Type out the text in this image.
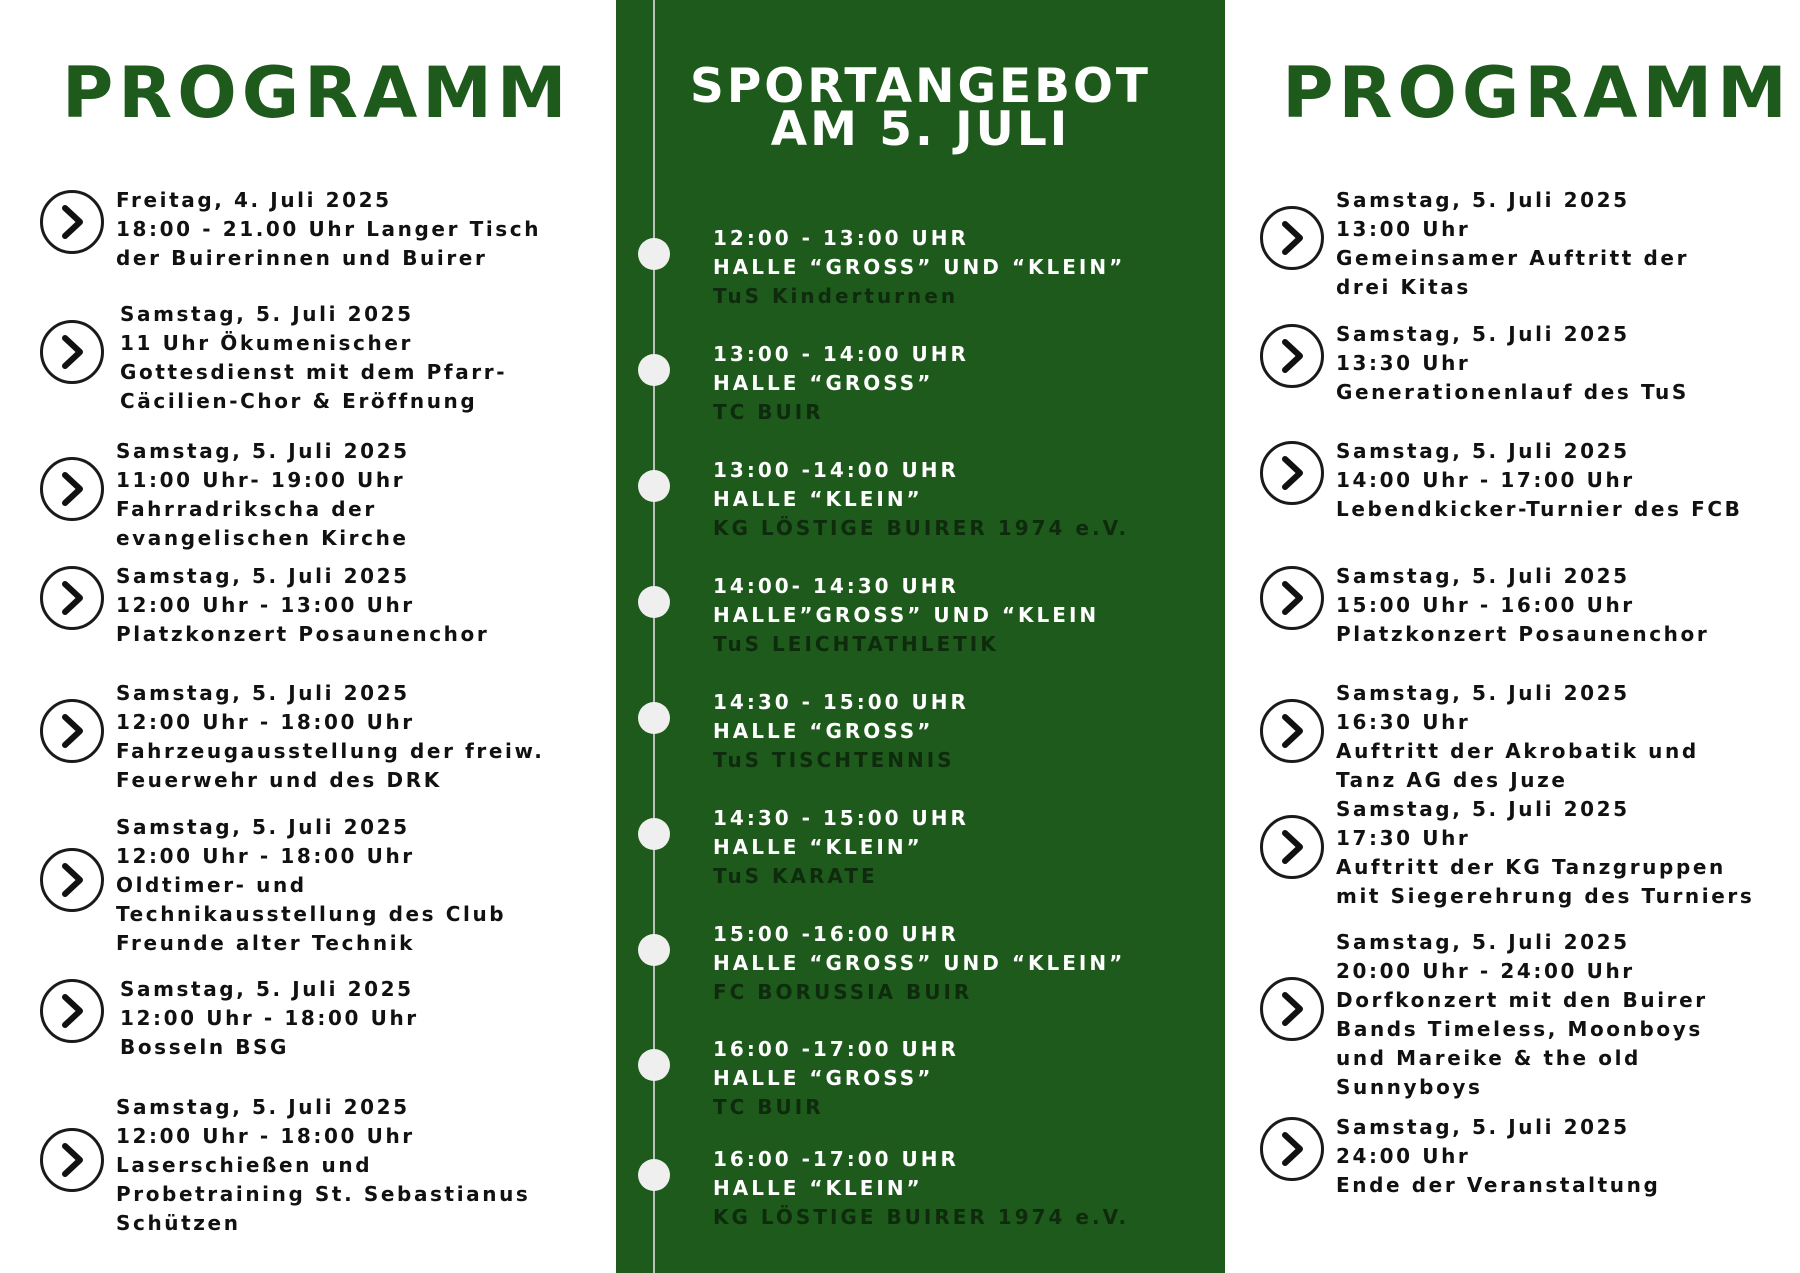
PROGRAMM
Freitag, 4. Juli 2025
18:00 - 21.00 Uhr Langer Tisch
der Buirerinnen und Buirer
Samstag, 5. Juli 2025
11 Uhr Ökumenischer
Gottesdienst mit dem Pfarr-
Cäcilien-Chor & Eröffnung
Samstag, 5. Juli 2025
11:00 Uhr- 19:00 Uhr
Fahrradrikscha der
evangelischen Kirche
Samstag, 5. Juli 2025
12:00 Uhr - 13:00 Uhr
Platzkonzert Posaunenchor
Samstag, 5. Juli 2025
12:00 Uhr - 18:00 Uhr
Fahrzeugausstellung der freiw.
Feuerwehr und des DRK
Samstag, 5. Juli 2025
12:00 Uhr - 18:00 Uhr
Oldtimer- und
Technikausstellung des Club
Freunde alter Technik
Samstag, 5. Juli 2025
12:00 Uhr - 18:00 Uhr
Bosseln BSG
Samstag, 5. Juli 2025
12:00 Uhr - 18:00 Uhr
Laserschießen und
Probetraining St. Sebastianus
Schützen
SPORTANGEBOT
AM 5. JULI
12:00 - 13:00 UHR
HALLE “GROSS” UND “KLEIN”
TuS Kinderturnen
13:00 - 14:00 UHR
HALLE “GROSS”
TC BUIR
13:00 -14:00 UHR
HALLE “KLEIN”
KG LÖSTIGE BUIRER 1974 e.V.
14:00- 14:30 UHR
HALLE”GROSS” UND “KLEIN
TuS LEICHTATHLETIK
14:30 - 15:00 UHR
HALLE “GROSS”
TuS TISCHTENNIS
14:30 - 15:00 UHR
HALLE “KLEIN”
TuS KARATE
15:00 -16:00 UHR
HALLE “GROSS” UND “KLEIN”
FC BORUSSIA BUIR
16:00 -17:00 UHR
HALLE “GROSS”
TC BUIR
16:00 -17:00 UHR
HALLE “KLEIN”
KG LÖSTIGE BUIRER 1974 e.V.
PROGRAMM
Samstag, 5. Juli 2025
13:00 Uhr
Gemeinsamer Auftritt der
drei Kitas
Samstag, 5. Juli 2025
13:30 Uhr
Generationenlauf des TuS
Samstag, 5. Juli 2025
14:00 Uhr - 17:00 Uhr
Lebendkicker-Turnier des FCB
Samstag, 5. Juli 2025
15:00 Uhr - 16:00 Uhr
Platzkonzert Posaunenchor
Samstag, 5. Juli 2025
16:30 Uhr
Auftritt der Akrobatik und
Tanz AG des Juze
Samstag, 5. Juli 2025
17:30 Uhr
Auftritt der KG Tanzgruppen
mit Siegerehrung des Turniers
Samstag, 5. Juli 2025
20:00 Uhr - 24:00 Uhr
Dorfkonzert mit den Buirer
Bands Timeless, Moonboys
und Mareike & the old
Sunnyboys
Samstag, 5. Juli 2025
24:00 Uhr
Ende der Veranstaltung
